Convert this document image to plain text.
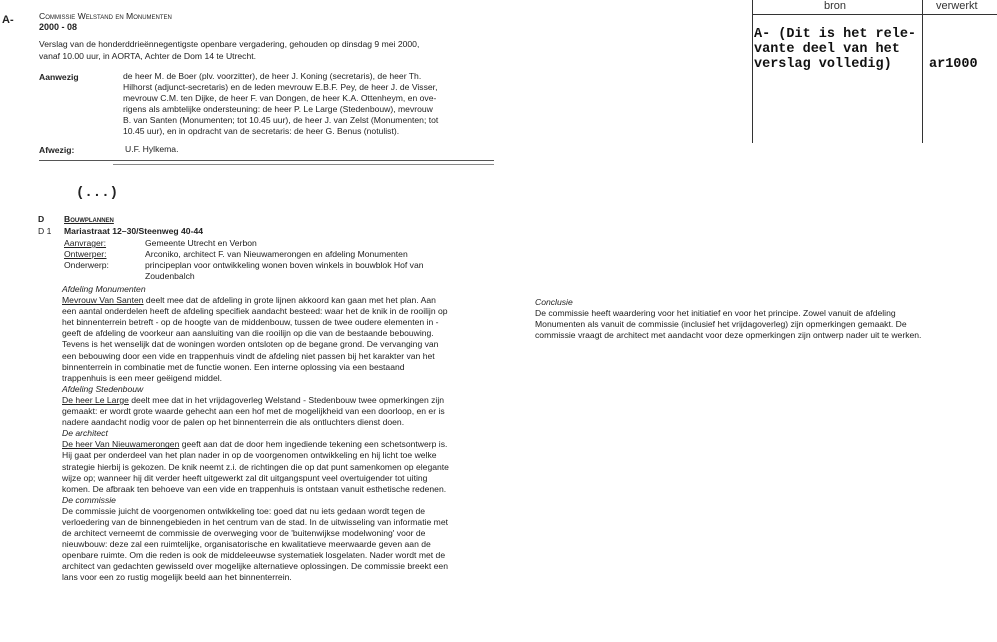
A-	Commissie Welstand en Monumenten
2000 - 08
Verslag van de honderddrieënnegentigste openbare vergadering, gehouden op dinsdag 9 mei 2000,
vanaf 10.00 uur, in AORTA, Achter de Dom 14 te Utrecht.
Aanwezig	de heer M. de Boer (plv. voorzitter), de heer J. Koning (secretaris), de heer Th.
Hilhorst (adjunct-secretaris) en de leden mevrouw E.B.F. Pey, de heer J. de Visser,
mevrouw C.M. ten Dijke, de heer F. van Dongen, de heer K.A. Ottenheym, en ove-
rigens als ambtelijke ondersteuning: de heer P. Le Large (Stedenbouw), mevrouw
B. van Santen (Monumenten; tot 10.45 uur), de heer J. van Zelst (Monumenten; tot
10.45 uur), en in opdracht van de secretaris: de heer G. Benus (notulist).
Afwezig:	U.F. Hylkema.
(...)
bron	verwerkt
A- (Dit is het rele-
vante deel van het
verslag volledig)	ar1000
D Bouwplannen
D 1 Mariastraat 12–30/Steenweg 40-44
Aanvrager:	Gemeente Utrecht en Verbon
Ontwerper:	Arconiko, architect F. van Nieuwamerongen en afdeling Monumenten
Onderwerp:	principeplan voor ontwikkeling wonen boven winkels in bouwblok Hof van
Zoudenbalch
Afdeling Monumenten
Mevrouw Van Santen deelt mee dat de afdeling in grote lijnen akkoord kan gaan met het plan. Aan
een aantal onderdelen heeft de afdeling specifiek aandacht besteed: waar het de knik in de rooilijn op
het binnenterrein betreft - op de hoogte van de middenbouw, tussen de twee oudere elementen in -
geeft de afdeling de voorkeur aan aansluiting van die rooilijn op die van de bestaande bebouwing.
Tevens is het wenselijk dat de woningen worden ontsloten op de begane grond. De vervanging van
een bebouwing door een vide en trappenhuis vindt de afdeling niet passen bij het karakter van het
binnenterrein in combinatie met de functie wonen. Een interne oplossing via een bestaand
trappenhuis is een meer geëigend middel.
Afdeling Stedenbouw
De heer Le Large deelt mee dat in het vrijdagoverleg Welstand - Stedenbouw twee opmerkingen zijn
gemaakt: er wordt grote waarde gehecht aan een hof met de mogelijkheid van een doorloop, en er is
nadere aandacht nodig voor de palen op het binnenterrein die als ontluchters dienst doen.
De architect
De heer Van Nieuwamerongen geeft aan dat de door hem ingediende tekening een schetsontwerp is.
Hij gaat per onderdeel van het plan nader in op de voorgenomen ontwikkeling en hij licht toe welke
strategie hierbij is gekozen. De knik neemt z.i. de richtingen die op dat punt samenkomen op elegante
wijze op; wanneer hij dit verder heeft uitgewerkt zal dit uitgangspunt veel overtuigender tot uiting
komen. De afbraak ten behoeve van een vide en trappenhuis is ontstaan vanuit esthetische redenen.
De commissie
De commissie juicht de voorgenomen ontwikkeling toe: goed dat nu iets gedaan wordt tegen de
verloedering van de binnengebieden in het centrum van de stad. In de uitwisseling van informatie met
de architect verneemt de commissie de overweging voor de 'buitenwijkse modelwoning' voor de
nieuwbouw: deze zal een ruimtelijke, organisatorische en kwalitatieve meerwaarde geven aan de
openbare ruimte. Om die reden is ook de middeleeuwse systematiek losgelaten. Nader wordt met de
architect van gedachten gewisseld over mogelijke alternatieve oplossingen. De commissie breekt een
lans voor een zo rustig mogelijk beeld aan het binnenterrein.
Conclusie
De commissie heeft waardering voor het initiatief en voor het principe. Zowel vanuit de afdeling
Monumenten als vanuit de commissie (inclusief het vrijdagoverleg) zijn opmerkingen gemaakt. De
commissie vraagt de architect met aandacht voor deze opmerkingen zijn ontwerp nader uit te werken.
